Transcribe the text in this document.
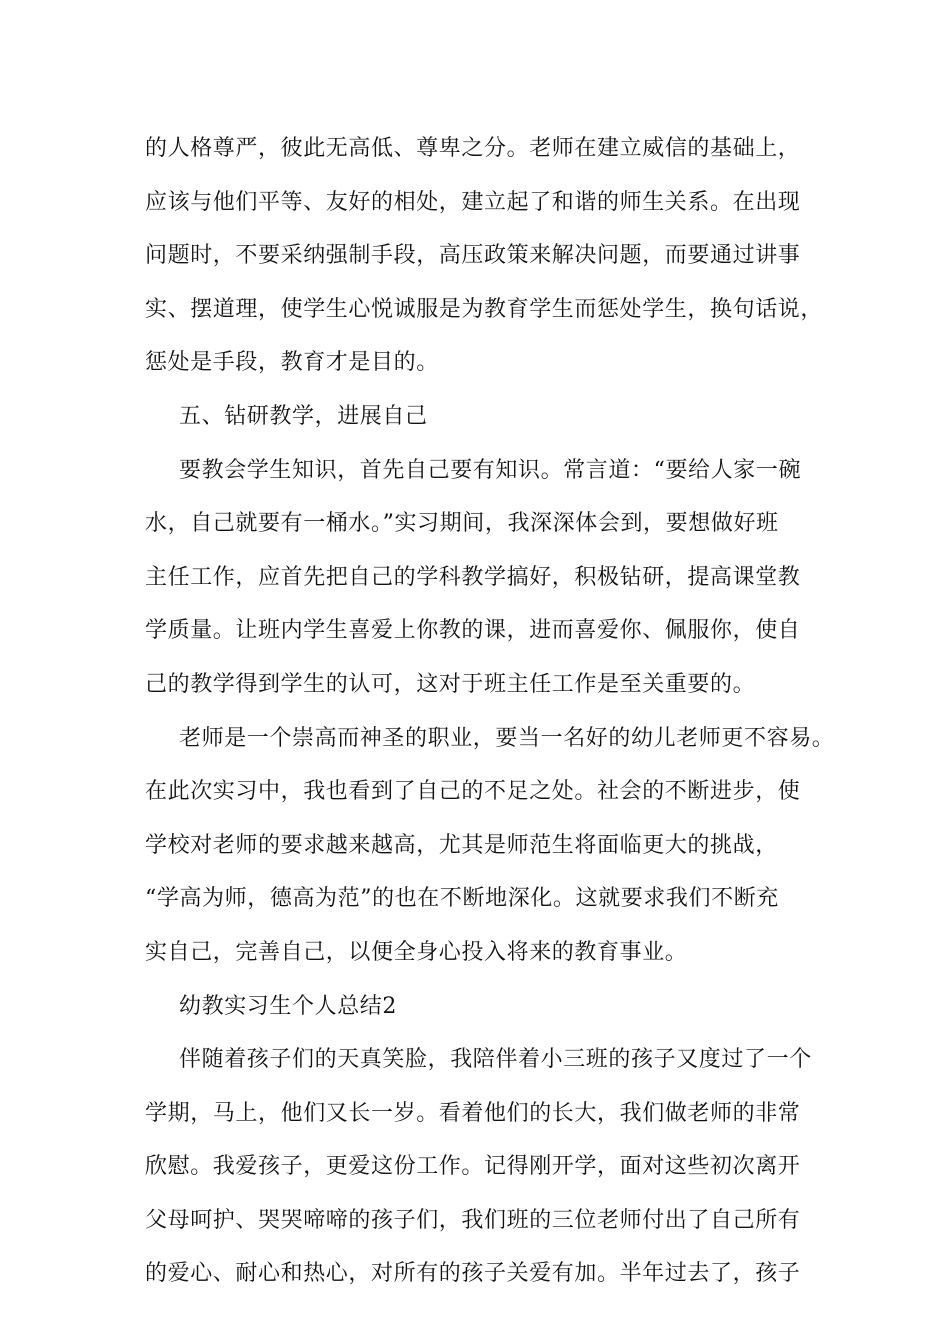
的人格尊严，彼此无高低、尊卑之分。老师在建立威信的基础上，
应该与他们平等、友好的相处，建立起了和谐的师生关系。在出现
问题时，不要采纳强制手段，高压政策来解决问题，而要通过讲事
实、摆道理，使学生心悦诚服是为教育学生而惩处学生，换句话说，
惩处是手段，教育才是目的。
五、钻研教学，进展自己
要教会学生知识，首先自己要有知识。常言道：“要给人家一碗
水，自己就要有一桶水。”实习期间，我深深体会到，要想做好班
主任工作，应首先把自己的学科教学搞好，积极钻研，提高课堂教
学质量。让班内学生喜爱上你教的课，进而喜爱你、佩服你，使自
己的教学得到学生的认可，这对于班主任工作是至关重要的。
老师是一个崇高而神圣的职业，要当一名好的幼儿老师更不容易。
在此次实习中，我也看到了自己的不足之处。社会的不断进步，使
学校对老师的要求越来越高，尤其是师范生将面临更大的挑战，
“学高为师，德高为范”的也在不断地深化。这就要求我们不断充
实自己，完善自己，以便全身心投入将来的教育事业。
幼教实习生个人总结2
伴随着孩子们的天真笑脸，我陪伴着小三班的孩子又度过了一个
学期，马上，他们又长一岁。看着他们的长大，我们做老师的非常
欣慰。我爱孩子，更爱这份工作。记得刚开学，面对这些初次离开
父母呵护、哭哭啼啼的孩子们，我们班的三位老师付出了自己所有
的爱心、耐心和热心，对所有的孩子关爱有加。半年过去了，孩子
